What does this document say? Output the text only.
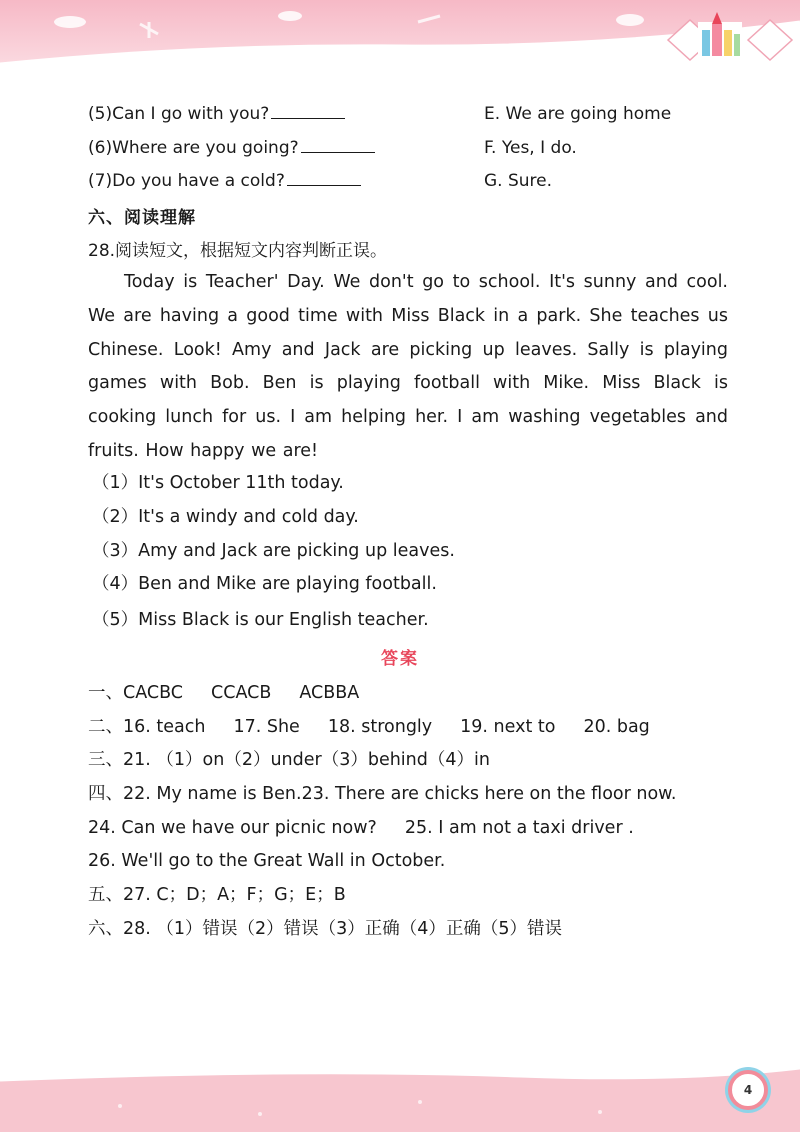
(5)Can I go with you?	E. We are going home
(6)Where are you going?	F. Yes, I do.
(7)Do you have a cold?	G. Sure.
六、阅读理解
28.阅读短文，根据短文内容判断正误。
Today is Teacher' Day. We don't go to school. It's sunny and cool. We are having a good time with Miss Black in a park. She teaches us Chinese. Look! Amy and Jack are picking up leaves. Sally is playing games with Bob. Ben is playing football with Mike. Miss Black is cooking lunch for us. I am helping her. I am washing vegetables and fruits. How happy we are!
（1）It's October 11th today.
（2）It's a windy and cold day.
（3）Amy and Jack are picking up leaves.
（4）Ben and Mike are playing football.
（5）Miss Black is our English teacher.
答案
一、CACBC CCACB ACBBA
二、16. teach 17. She 18. strongly 19. next to 20. bag
三、21. （1）on（2）under（3）behind（4）in
四、22. My name is Ben.23. There are chicks here on the floor now.
24. Can we have our picnic now? 25. I am not a taxi driver .
26. We'll go to the Great Wall in October.
五、27. C；D；A；F；G；E；B
六、28. （1）错误（2）错误（3）正确（4）正确（5）错误
4
